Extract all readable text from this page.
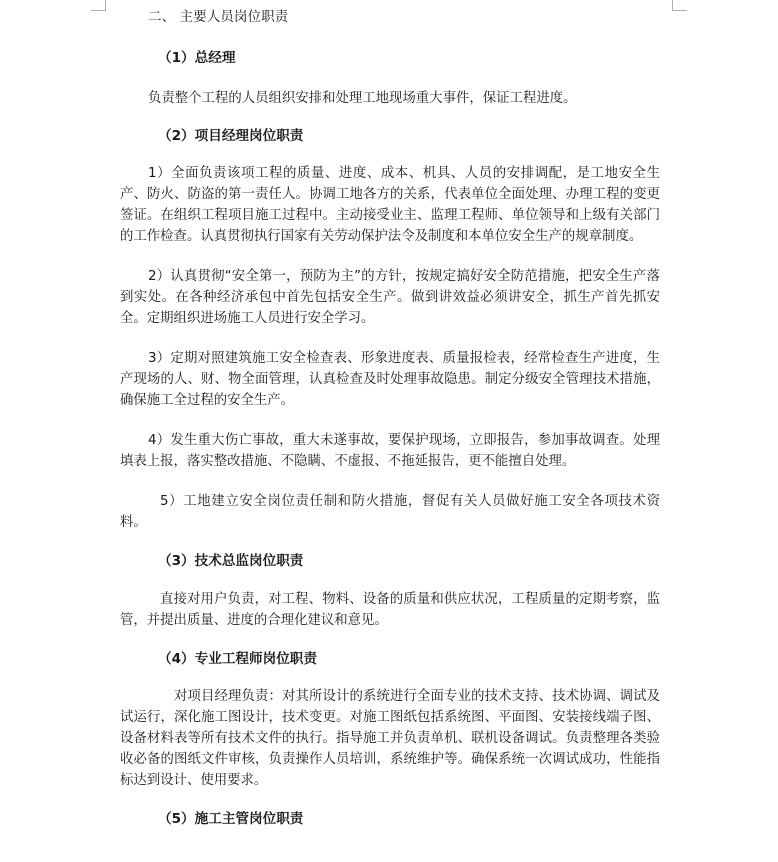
二、 主要人员岗位职责
（1）总经理

负责整个工程的人员组织安排和处理工地现场重大事件，保证工程进度。

（2）项目经理岗位职责

1）全面负责该项工程的质量、进度、成本、机具、人员的安排调配，是工地安全生产、防火、防盗的第一责任人。协调工地各方的关系，代表单位全面处理、办理工程的变更签证。在组织工程项目施工过程中。主动接受业主、监理工程师、单位领导和上级有关部门的工作检查。认真贯彻执行国家有关劳动保护法令及制度和本单位安全生产的规章制度。

2）认真贯彻“安全第一，预防为主”的方针，按规定搞好安全防范措施，把安全生产落到实处。在各种经济承包中首先包括安全生产。做到讲效益必须讲安全，抓生产首先抓安全。定期组织进场施工人员进行安全学习。

3）定期对照建筑施工安全检查表、形象进度表、质量报检表，经常检查生产进度，生产现场的人、财、物全面管理，认真检查及时处理事故隐患。制定分级安全管理技术措施，确保施工全过程的安全生产。

4）发生重大伤亡事故，重大未遂事故，要保护现场，立即报告，参加事故调查。处理填表上报，落实整改措施、不隐瞒、不虚报、不拖延报告，更不能擅自处理。

5）工地建立安全岗位责任制和防火措施，督促有关人员做好施工安全各项技术资料。

（3）技术总监岗位职责

直接对用户负责，对工程、物料、设备的质量和供应状况，工程质量的定期考察，监管，并提出质量、进度的合理化建议和意见。

（4）专业工程师岗位职责

对项目经理负责：对其所设计的系统进行全面专业的技术支持、技术协调、调试及试运行，深化施工图设计，技术变更。对施工图纸包括系统图、平面图、安装接线端子图、设备材料表等所有技术文件的执行。指导施工并负责单机、联机设备调试。负责整理各类验收必备的图纸文件审核，负责操作人员培训，系统维护等。确保系统一次调试成功，性能指标达到设计、使用要求。

（5）施工主管岗位职责
